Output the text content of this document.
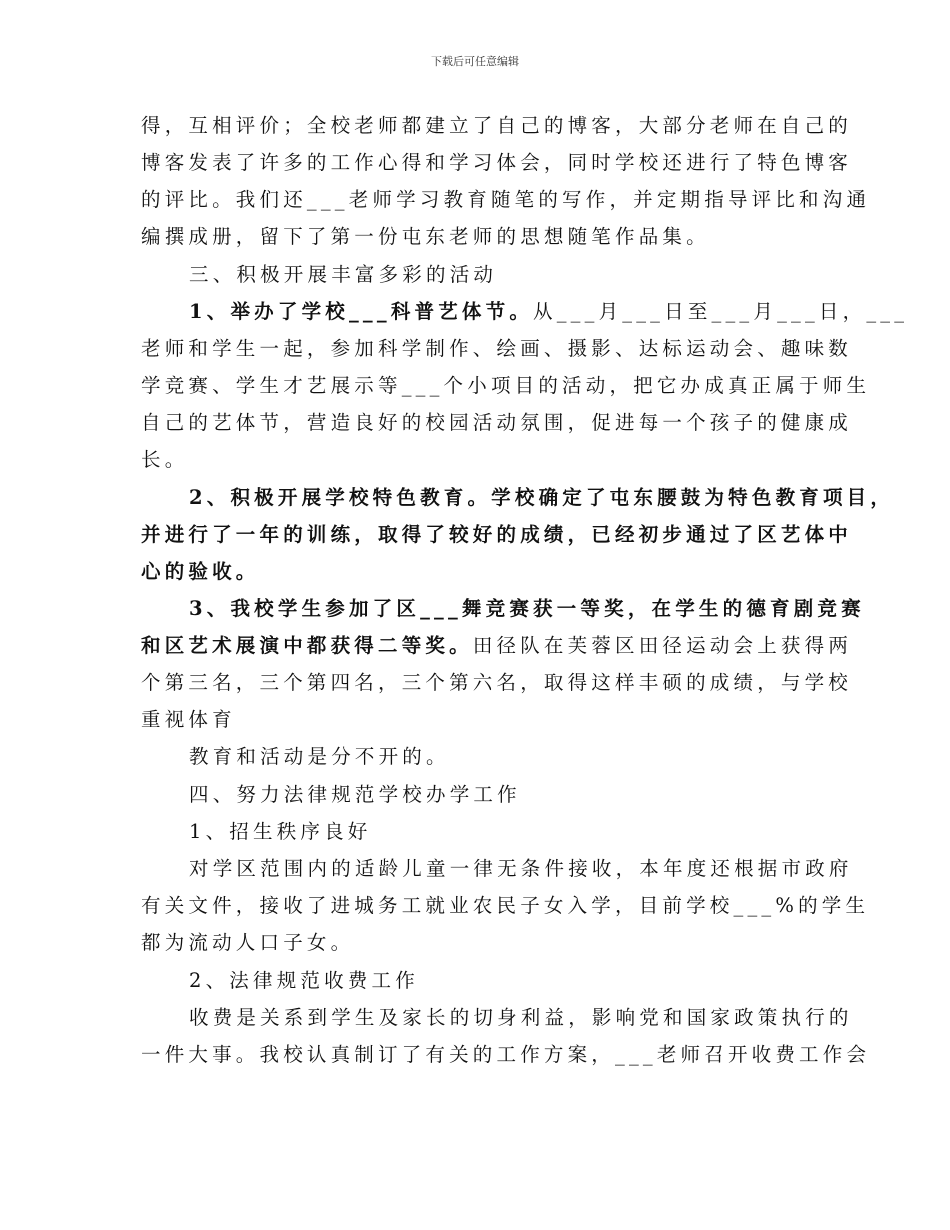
下载后可任意编辑
得，互相评价；全校老师都建立了自己的博客，大部分老师在自己的
博客发表了许多的工作心得和学习体会，同时学校还进行了特色博客
的评比。我们还___老师学习教育随笔的写作，并定期指导评比和沟通
编撰成册，留下了第一份屯东老师的思想随笔作品集。
三、积极开展丰富多彩的活动
1、举办了学校___科普艺体节。从___月___日至___月___日，___
老师和学生一起，参加科学制作、绘画、摄影、达标运动会、趣味数
学竞赛、学生才艺展示等___个小项目的活动，把它办成真正属于师生
自己的艺体节，营造良好的校园活动氛围，促进每一个孩子的健康成
长。
2、积极开展学校特色教育。学校确定了屯东腰鼓为特色教育项目，
并进行了一年的训练，取得了较好的成绩，已经初步通过了区艺体中
心的验收。
3、我校学生参加了区___舞竞赛获一等奖，在学生的德育剧竞赛
和区艺术展演中都获得二等奖。田径队在芙蓉区田径运动会上获得两
个第三名，三个第四名，三个第六名，取得这样丰硕的成绩，与学校
重视体育
教育和活动是分不开的。
四、努力法律规范学校办学工作
1、招生秩序良好
对学区范围内的适龄儿童一律无条件接收，本年度还根据市政府
有关文件，接收了进城务工就业农民子女入学，目前学校___%的学生
都为流动人口子女。
2、法律规范收费工作
收费是关系到学生及家长的切身利益，影响党和国家政策执行的
一件大事。我校认真制订了有关的工作方案，___老师召开收费工作会
